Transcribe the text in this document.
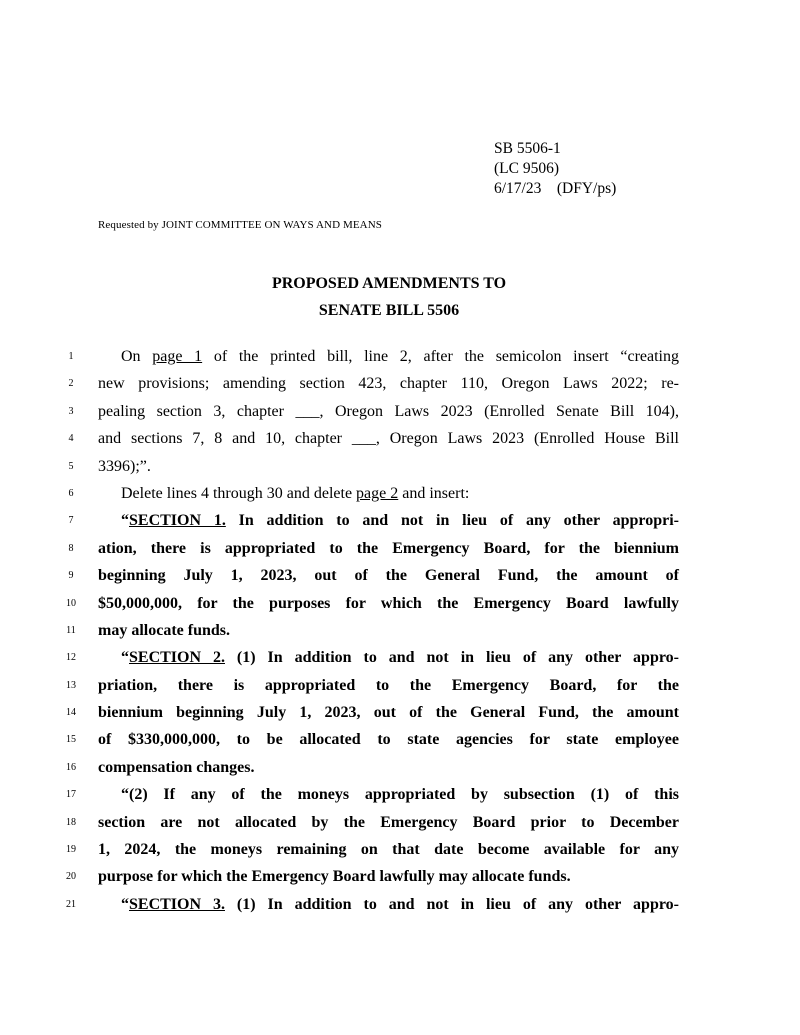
SB 5506-1
(LC 9506)
6/17/23 (DFY/ps)
Requested by JOINT COMMITTEE ON WAYS AND MEANS
PROPOSED AMENDMENTS TO
SENATE BILL 5506
1	On page 1 of the printed bill, line 2, after the semicolon insert “creating
2	new provisions; amending section 423, chapter 110, Oregon Laws 2022; re-
3	pealing section 3, chapter ___, Oregon Laws 2023 (Enrolled Senate Bill 104),
4	and sections 7, 8 and 10, chapter ___, Oregon Laws 2023 (Enrolled House Bill
5	3396);”.
6	Delete lines 4 through 30 and delete page 2 and insert:
7	“SECTION 1. In addition to and not in lieu of any other appropri-
8	ation, there is appropriated to the Emergency Board, for the biennium
9	beginning July 1, 2023, out of the General Fund, the amount of
10	$50,000,000, for the purposes for which the Emergency Board lawfully
11	may allocate funds.
12	“SECTION 2. (1) In addition to and not in lieu of any other appro-
13	priation, there is appropriated to the Emergency Board, for the
14	biennium beginning July 1, 2023, out of the General Fund, the amount
15	of $330,000,000, to be allocated to state agencies for state employee
16	compensation changes.
17	“(2) If any of the moneys appropriated by subsection (1) of this
18	section are not allocated by the Emergency Board prior to December
19	1, 2024, the moneys remaining on that date become available for any
20	purpose for which the Emergency Board lawfully may allocate funds.
21	“SECTION 3. (1) In addition to and not in lieu of any other appro-
